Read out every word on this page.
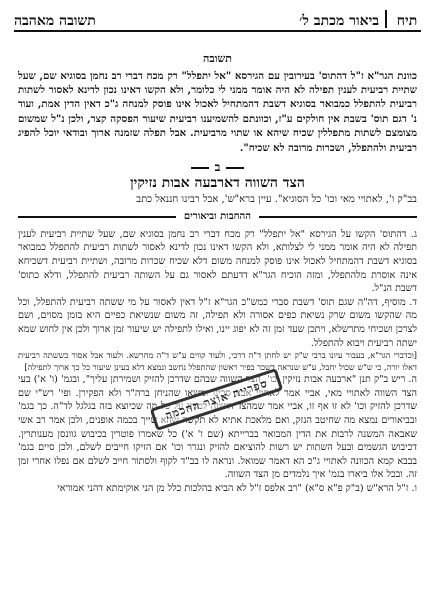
תיח
ביאור מכתב ל׳
תשובה מאהבה
תשובה

כוונת הגר"א ז"ל דהתוס' בעירובין עם הגירסא "אל יתפלל" רק מכח דברי רב נחמן בסוגיא שם, שעל שתיית רביעית לענין תפילה לא היה אומר ממני לי כלומר, ולא הקשו דאינו נכון לדינא לאסור לשתות רביעית להתפלל כמבואר בסוגיא דשבת דהמתחיל לאכול אינו פוסק למנחה ג"כ דאין הדין אמת, ועוד נ' דגם תוס' בשבת אין חולקים ע"ז, וכוונתם להשמיענו רביעית שיעור הפסקה קצר, ולכן נ"ל שמשום מצומצם לשתות מתפללין שכיח שיהא או שתוי מרביעית. אבל תפלה שזמנה ארוך ובודאי יוכל להפיג רביעית ולהתפלל, ושכרות מרובה לא שכיח".

ב
הצד השווה דארבעה אבות נזיקין
בב"ק ו', לאתויי מאי וכו' כל הסוגיא". עיין ברא"ש', אבל רבינו חננאל כתב
ההחבות וביאורים

ג. דהתוס' הקשו על הגירסא "אל יתפלל" רק מכח דברי רב נחמן בסוגיא שם, שעל שתיית רביעית לענין תפילה לא היה אומר ממני לי לצלותא, ולא הקשו דאינו נכון לדינא לאסור לשתות רביעית להתפלל כמבואר בסוגיא דשבת דהמתחיל לאכול אינו פוסק למנחה משום דלא שכיח שכרות מרובה, ושתיית רביעית דשכיחא אינה אוסרת מלהתפלל, ומזה הוכיח הגר"א דדעתם לאסור גם על השותה רביעית להתפלל, ודלא כתוס' דשבת הנ"ל.

ד. מוסיף, דה"ה שגם תוס' דשבת סברי כמש"כ הגר"א ז"ל דאין לאסור על מי ששתה רביעית להתפלל, וכל מה שהקשו משום שרק נשיאת כפים אסורה ולא תפילה, זה משום שנשיאת כפיים היא בזמן מסוים, ושם לצרכן ושכיחי מתרשלא, ויתכן שעד זמן זה לא יפוג יינו, ואילו לתפילה יש שיעור זמן ארוך ולכן אין לחוש שמא ישתה רביעית ויבוא להתפלל.

[וכדברי הגר"א, בעבור עיונו ברבי ש"ק יש לחתן ד"ה דרכי, ולעוד קווים ע"ש ד"ה מחרשא. ולעוד אבל אסור כששתה רביעית דאלו יורה, כי ש"ש שכול יחבל, ע"ש שנראה דשכר בפיר ראשון שהתפלל נחשב ונמצא דלא בעינן שיעור כל כך ארוך לתפילה]

ה. ריש ב"ק תנן "ארבעה אבות נזיקין וכו', הצד השווה שבהם שדרכן להזיק ושמירתן עליך", ובגמ' (ו' א') בעי הצד השווה לאתויי מאי, אביי אמר לאתויי אבנו סכינו ומשאו שהניחן ברה"ר ולא הפקירן. ופי' רש"י שם שדרכן להזיק וכו' לא זו אף זו, אביי אמר שמהצד השווה למדנו על כל מה שכיוצא בזה בגלגל לד"ה. כך בגמ' ובביאורים נמצא מה שחיטב הנזק, ואם מלאכת אתיא לא תקשה שהא שייך בכמה אופנים, ולכן אמר רב אשי שאבאה המשנה לרבות את הדין המבואר בברייתא (שם ו' א') כל שאמרו פוטרין בכיבוש גוונסן מענותרין. דכיבוש הגשמים ובעל השתות יש רשות להוציאם להזיק ונגרר וכו' אם הזיקו חייבים לשלם, ולכן סיים בגמ' בבבא קמא הכוונה לאתויי ג"כ הא דאמר שמואל. ונראה לו בב"ד לקוף ולסתור חייב לשלם אם נפלו אחרי זמן זה. ובכל אלו ביארו בגמ' איך נלמדים מן הצד השווה.

ו. ז"ל הרא"ש (ב"ק פ"א ס"א) "רב אלפס ז"ל לא הביא בהלכות כלל מן הני אוקימתא דהני אמוראי

ספריית אוצר החכמה
